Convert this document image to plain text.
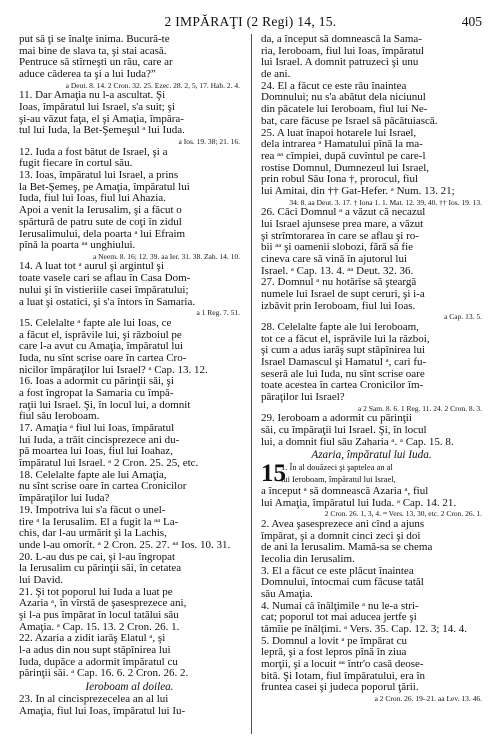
2 IMPĂRAŢI (2 Regi) 14, 15.	405
put să ţi se înalţe inima. Bucură-te
mai bine de slava ta, şi stai acasă.
Pentruce să stîrneşti un rău, care ar
aduce căderea ta şi a lui Iuda?”
a Deut. 8. 14. 2 Cron. 32. 25. Ezec. 28. 2, 5, 17. Hab. 2. 4.
11. Dar Amaţia nu l-a ascultat. Şi
Ioas, împăratul lui Israel, s'a suit; şi
şi-au văzut faţa, el şi Amaţia, împăra-
tul lui Iuda, la Bet-Şemeşul ᵃ lui Iuda.
a Ios. 19. 38; 21. 16.
12. Iuda a fost bătut de Israel, şi a
fugit fiecare în cortul său.
13. Ioas, împăratul lui Israel, a prins
la Bet-Şemeş, pe Amaţia, împăratul lui
Iuda, fiul lui Ioas, fiul lui Ahazia.
Apoi a venit la Ierusalim, şi a făcut o
spărtură de patru sute de coţi în zidul
Ierusalimului, dela poarta ᵃ lui Efraim
pînă la poarta ᵃᵃ unghiului.
a Neem. 8. 16; 12. 39. aa Ier. 31. 38. Zah. 14. 10.
14. A luat tot ᵃ aurul şi argintul şi
toate vasele cari se aflau în Casa Dom-
nului şi în vistieriile casei împăratului;
a luat şi ostatici, şi s'a întors în Samaria.
a 1 Reg. 7. 51.
15. Celelalte ᵃ fapte ale lui Ioas, ce
a făcut el, isprăvile lui, şi războiul pe
care l-a avut cu Amaţia, împăratul lui
Iuda, nu sînt scrise oare în cartea Cro-
nicilor împăraţilor lui Israel? ᵃ Cap. 13. 12.
16. Ioas a adormit cu părinţii săi, şi
a fost îngropat la Samaria cu împă-
raţii lui Israel. Şi, în locul lui, a domnit
fiul său Ieroboam.
17. Amaţia ᵃ fiul lui Ioas, împăratul
lui Iuda, a trăit cincisprezece ani du-
pă moartea lui Ioas, fiul lui Ioahaz,
împăratul lui Israel. ᵃ 2 Cron. 25. 25, etc.
18. Celelalte fapte ale lui Amaţia,
nu sînt scrise oare în cartea Cronicilor
împăraţilor lui Iuda?
19. Împotriva lui s'a făcut o unel-
tire ᵃ la Ierusalim. El a fugit la ᵃᵃ La-
chis, dar l-au urmărit şi la Lachis,
unde l-au omorît. ᵃ 2 Cron. 25. 27. ᵃᵃ Ios. 10. 31.
20. L-au dus pe cai, şi l-au îngropat
la Ierusalim cu părinţii săi, în cetatea
lui David.
21. Şi tot poporul lui Iuda a luat pe
Azaria ᵃ, în vîrstă de şasesprezece ani,
şi l-a pus împărat în locul tatălui său
Amaţia. ᵃ Cap. 15. 13. 2 Cron. 26. 1.
22. Azaria a zidit iarăş Elatul ᵃ, şi
l-a adus din nou supt stăpînirea lui
Iuda, dupăce a adormit împăratul cu
părinţii săi. ᵃ Cap. 16. 6. 2 Cron. 26. 2.
Ieroboam al doilea.
23. În al cincisprezecelea an al lui
Amaţia, fiul lui Ioas, împăratul lui Iu-
da, a început să domnească la Sama-
ria, Ieroboam, fiul lui Ioas, împăratul
lui Israel. A domnit patruzeci şi unu
de ani.
24. El a făcut ce este rău înaintea
Domnului; nu s'a abătut dela niciunul
din păcatele lui Ieroboam, fiul lui Ne-
bat, care făcuse pe Israel să păcătuiască.
25. A luat înapoi hotarele lui Israel,
dela intrarea ᵃ Hamatului pînă la ma-
rea ᵃᵃ cîmpiei, după cuvîntul pe care-l
rostise Domnul, Dumnezeul lui Israel,
prin robul Său Iona †, prorocul, fiul
lui Amitai, din †† Gat-Hefer. ᵃ Num. 13. 21;
34. 8. aa Deut. 3. 17. † Iona 1. 1. Mat. 12. 39, 40. †† Ios. 19. 13.
26. Căci Domnul ᵃ a văzut că necazul
lui Israel ajunsese prea mare, a văzut
şi strîmtorarea în care se aflau şi ro-
bii ᵃᵃ şi oamenii slobozi, fără să fie
cineva care să vină în ajutorul lui
Israel. ᵃ Cap. 13. 4. ᵃᵃ Deut. 32. 36.
27. Domnul ᵃ nu hotărîse să şteargă
numele lui Israel de supt ceruri, şi i-a
izbăvit prin Ieroboam, fiul lui Ioas.
a Cap. 13. 5.
28. Celelalte fapte ale lui Ieroboam,
tot ce a făcut el, isprăvile lui la război,
şi cum a adus iarăş supt stăpînirea lui
Israel Damascul şi Hamatul ᵃ, cari fu-
seseră ale lui Iuda, nu sînt scrise oare
toate acestea în cartea Cronicilor îm-
păraţilor lui Israel?
a 2 Sam. 8. 6. 1 Reg. 11. 24. 2 Cron. 8. 3.
29. Ieroboam a adormit cu părinţii
săi, cu împăraţii lui Israel. Şi, în locul
lui, a domnit fiul său Zaharia ᵃ. ᵃ Cap. 15. 8.
Azaria, împăratul lui Iuda.
15
1. În al douăzeci şi şaptelea an al
lui Ieroboam, împăratul lui Israel,
a început ᵃ să domnească Azaria ᵃ, fiul
lui Amaţia, împăratul lui Iuda. ᵃ Cap. 14. 21.
2 Cron. 26. 1, 3, 4. ᵃᵃ Vers. 13, 30, etc. 2 Cron. 26. 1.
2. Avea şasesprezece ani cînd a ajuns
împărat, şi a domnit cinci zeci şi doi
de ani la Ierusalim. Mamă-sa se chema
Iecolia din Ierusalim.
3. El a făcut ce este plăcut înaintea
Domnului, întocmai cum făcuse tatăl
său Amaţia.
4. Numai că înălţimile ᵃ nu le-a stri-
cat; poporul tot mai aducea jertfe şi
tămîie pe înălţimi. ᵃ Vers. 35. Cap. 12. 3; 14. 4.
5. Domnul a lovit ᵃ pe împărat cu
lepră, şi a fost lepros pînă în ziua
morţii, şi a locuit ᵃᵃ într'o casă deose-
bită. Şi Iotam, fiul împăratului, era în
fruntea casei şi judeca poporul ţării.
a 2 Cron. 26. 19–21. aa Lev. 13. 46.
